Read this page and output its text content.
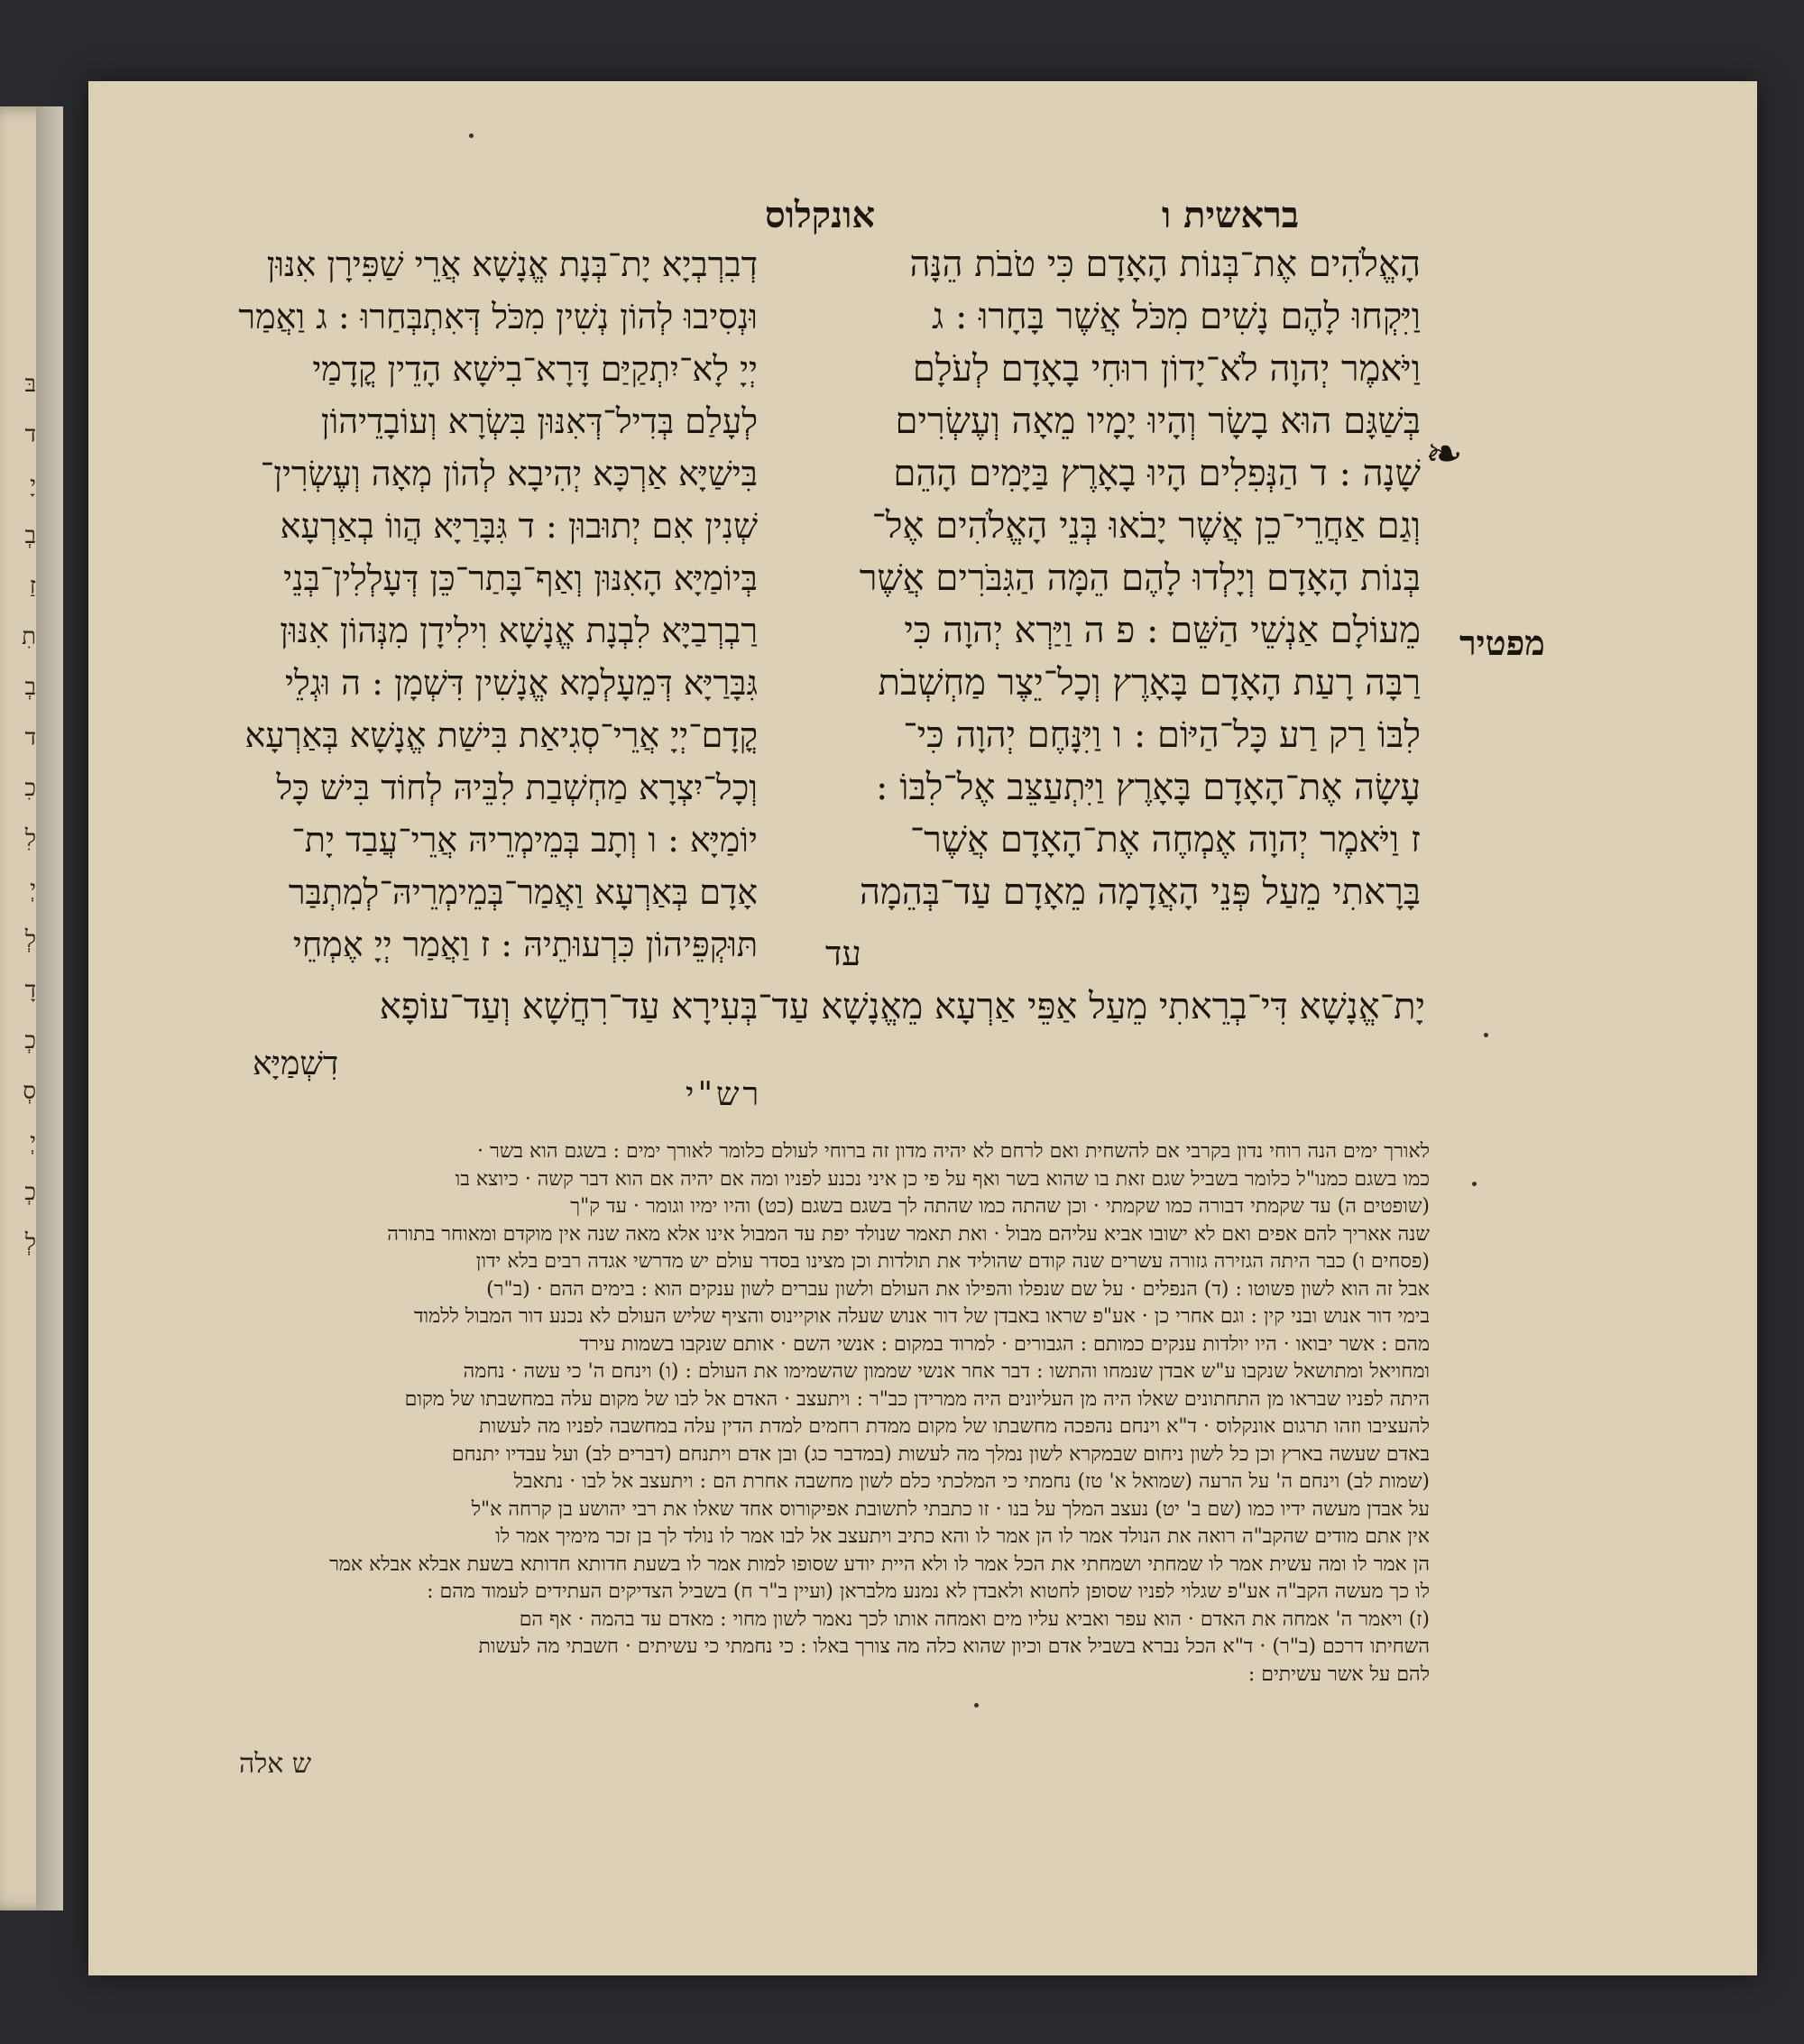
בּ
ד
יָ
בְ
זַ
תִ
בְ
ד
כִ
לִ
יְ
לְ
דָ
כְ
סְ
יְ
כְ
לְ
בראשית ו
אונקלוס
❧
מפטיר
הָאֱלֹהִים אֶת־בְּנוֹת הָאָדָם כִּי טֹבֹת הֵנָּה
וַיִּקְחוּ לָהֶם נָשִׁים מִכֹּל אֲשֶׁר בָּחָרוּ : ג
וַיֹּאמֶר יְהוָה לֹא־יָדוֹן רוּחִי בָאָדָם לְעֹלָם
בְּשַׁגָּם הוּא בָשָׂר וְהָיוּ יָמָיו מֵאָה וְעֶשְׂרִים
שָׁנָה : ד הַנְּפִלִים הָיוּ בָאָרֶץ בַּיָּמִים הָהֵם
וְגַם אַחֲרֵי־כֵן אֲשֶׁר יָבֹאוּ בְּנֵי הָאֱלֹהִים אֶל־
בְּנוֹת הָאָדָם וְיָלְדוּ לָהֶם הֵמָּה הַגִּבֹּרִים אֲשֶׁר
מֵעוֹלָם אַנְשֵׁי הַשֵּׁם : פ ה וַיַּרְא יְהוָה כִּי
רַבָּה רָעַת הָאָדָם בָּאָרֶץ וְכָל־יֵצֶר מַחְשְׁבֹת
לִבּוֹ רַק רַע כָּל־הַיּוֹם : ו וַיִּנָּחֶם יְהוָה כִּי־
עָשָׂה אֶת־הָאָדָם בָּאָרֶץ וַיִּתְעַצֵּב אֶל־לִבּוֹ :
ז וַיֹּאמֶר יְהוָה אֶמְחֶה אֶת־הָאָדָם אֲשֶׁר־
בָּרָאתִי מֵעַל פְּנֵי הָאֲדָמָה מֵאָדָם עַד־בְּהֵמָה
עד
דְבִרְבְיָא יָת־בְּנָת אֱנָשָׁא אֲרֵי שַׁפִּירָן אִנּוּן
וּנְסִיבוּ לְהוֹן נְשִׁין מִכֹּל דְּאִתְבְּחַרוּ : ג וַאֲמַר
יְיָ לָא־יִתְקַיַּם דָּרָא־בִישָׁא הָדֵין קֳדָמַי
לְעָלַם בְּדִיל־דְּאִנּוּן בִּשְׂרָא וְעוֹבָדֵיהוֹן
בִּישַׁיָּא אַרְכָּא יְהִיבָא לְהוֹן מְאָה וְעֶשְׂרִין־
שְׁנִין אִם יְתוּבוּן : ד גִּבָּרַיָּא הֲווֹ בְאַרְעָא
בְּיוֹמַיָּא הָאִנּוּן וְאַף־בָּתַר־כֵּן דְּעָלְלִין־בְּנֵי
רַבְרְבַיָּא לִבְנָת אֱנָשָׁא וִילִידָן מִנְּהוֹן אִנּוּן
גִּבָּרַיָּא דְּמֵעָלְמָא אֱנָשִׁין דִּשְׁמָן : ה וּגְלֵי
קֳדָם־יְיָ אֲרֵי־סְגִיאַת בִּישַׁת אֱנָשָׁא בְּאַרְעָא
וְכָל־יִצְרָא מַחְשְׁבַת לִבֵּיהּ לְחוֹד בִּישׁ כָּל
יוֹמַיָּא : ו וְתָב בְּמֵימְרֵיהּ אֲרֵי־עֲבַד יָת־
אָדָם בְּאַרְעָא וַאֲמַר־בְּמֵימְרֵיהּ־לְמִתְבַּר
תּוּקְפֵּיהוֹן כִּרְעוּתֵיהּ : ז וַאֲמַר יְיָ אֶמְחֵי
יָת־אֱנָשָׁא דִּי־בְרֵאתִי מֵעַל אַפֵּי אַרְעָא מֵאֱנָשָׁא עַד־בְּעִירָא עַד־רִחֲשָׁא וְעַד־עוֹפָא
דִשְׁמַיָּא
רש"י
לאורך ימים הנה רוחי נדון בקרבי אם להשחית ואם לרחם לא יהיה מדון זה ברוחי לעולם כלומר לאורך ימים : בשגם הוא בשר ·
כמו בשגם כמנו"ל כלומר בשביל שגם זאת בו שהוא בשר ואף על פי כן איני נכנע לפניו ומה אם יהיה אם הוא דבר קשה · כיוצא בו
(שופטים ה) עד שקמתי דבורה כמו שקמתי · וכן שהתה כמו שהתה לך בשגם בשגם (כט) והיו ימיו וגומר · עד ק"ך
שנה אאריך להם אפים ואם לא ישובו אביא עליהם מבול · ואת תאמר שנולד יפת עד המבול אינו אלא מאה שנה אין מוקדם ומאוחר בתורה
(פסחים ו) כבר היתה הגזירה גזורה עשרים שנה קודם שהוליד את תולדות וכן מצינו בסדר עולם יש מדרשי אגדה רבים בלא ידון
אבל זה הוא לשון פשוטו : (ד) הנפלים · על שם שנפלו והפילו את העולם ולשון עברים לשון ענקים הוא : בימים ההם · (ב"ר)
בימי דור אנוש ובני קין : וגם אחרי כן · אע"פ שראו באבדן של דור אנוש שעלה אוקיינוס והציף שליש העולם לא נכנע דור המבול ללמוד
מהם : אשר יבואו · היו יולדות ענקים כמותם : הגבורים · למרוד במקום : אנשי השם · אותם שנקבו בשמות עירד
ומחויאל ומתושאל שנקבו ע"ש אבדן שנמחו והתשו : דבר אחר אנשי שממון שהשמימו את העולם : (ו) וינחם ה' כי עשה · נחמה
היתה לפניו שבראו מן התחתונים שאלו היה מן העליונים היה ממרידן כב"ר : ויתעצב · האדם אל לבו של מקום עלה במחשבתו של מקום
להעציבו וזהו תרגום אונקלוס · ד"א וינחם נהפכה מחשבתו של מקום ממדת רחמים למדת הדין עלה במחשבה לפניו מה לעשות
באדם שעשה בארץ וכן כל לשון ניחום שבמקרא לשון נמלך מה לעשות (במדבר כג) ובן אדם ויתנחם (דברים לב) ועל עבדיו יתנחם
(שמות לב) וינחם ה' על הרעה (שמואל א' טז) נחמתי כי המלכתי כלם לשון מחשבה אחרת הם : ויתעצב אל לבו · נתאבל
על אבדן מעשה ידיו כמו (שם ב' יט) נעצב המלך על בנו · זו כתבתי לתשובת אפיקורוס אחד שאלו את רבי יהושע בן קרחה א"ל
אין אתם מודים שהקב"ה רואה את הנולד אמר לו הן אמר לו והא כתיב ויתעצב אל לבו אמר לו נולד לך בן זכר מימיך אמר לו
הן אמר לו ומה עשית אמר לו שמחתי ושמחתי את הכל אמר לו ולא היית יודע שסופו למות אמר לו בשעת חדותא חדותא בשעת אבלא אבלא אמר
לו כך מעשה הקב"ה אע"פ שגלוי לפניו שסופן לחטוא ולאבדן לא נמנע מלבראן (ועיין ב"ר ח) בשביל הצדיקים העתידים לעמוד מהם :
(ז) ויאמר ה' אמחה את האדם · הוא עפר ואביא עליו מים ואמחה אותו לכך נאמר לשון מחוי : מאדם עד בהמה · אף הם
השחיתו דרכם (ב"ר) · ד"א הכל נברא בשביל אדם וכיון שהוא כלה מה צורך באלו : כי נחמתי כי עשיתים · חשבתי מה לעשות
להם על אשר עשיתים :
ש אלה
